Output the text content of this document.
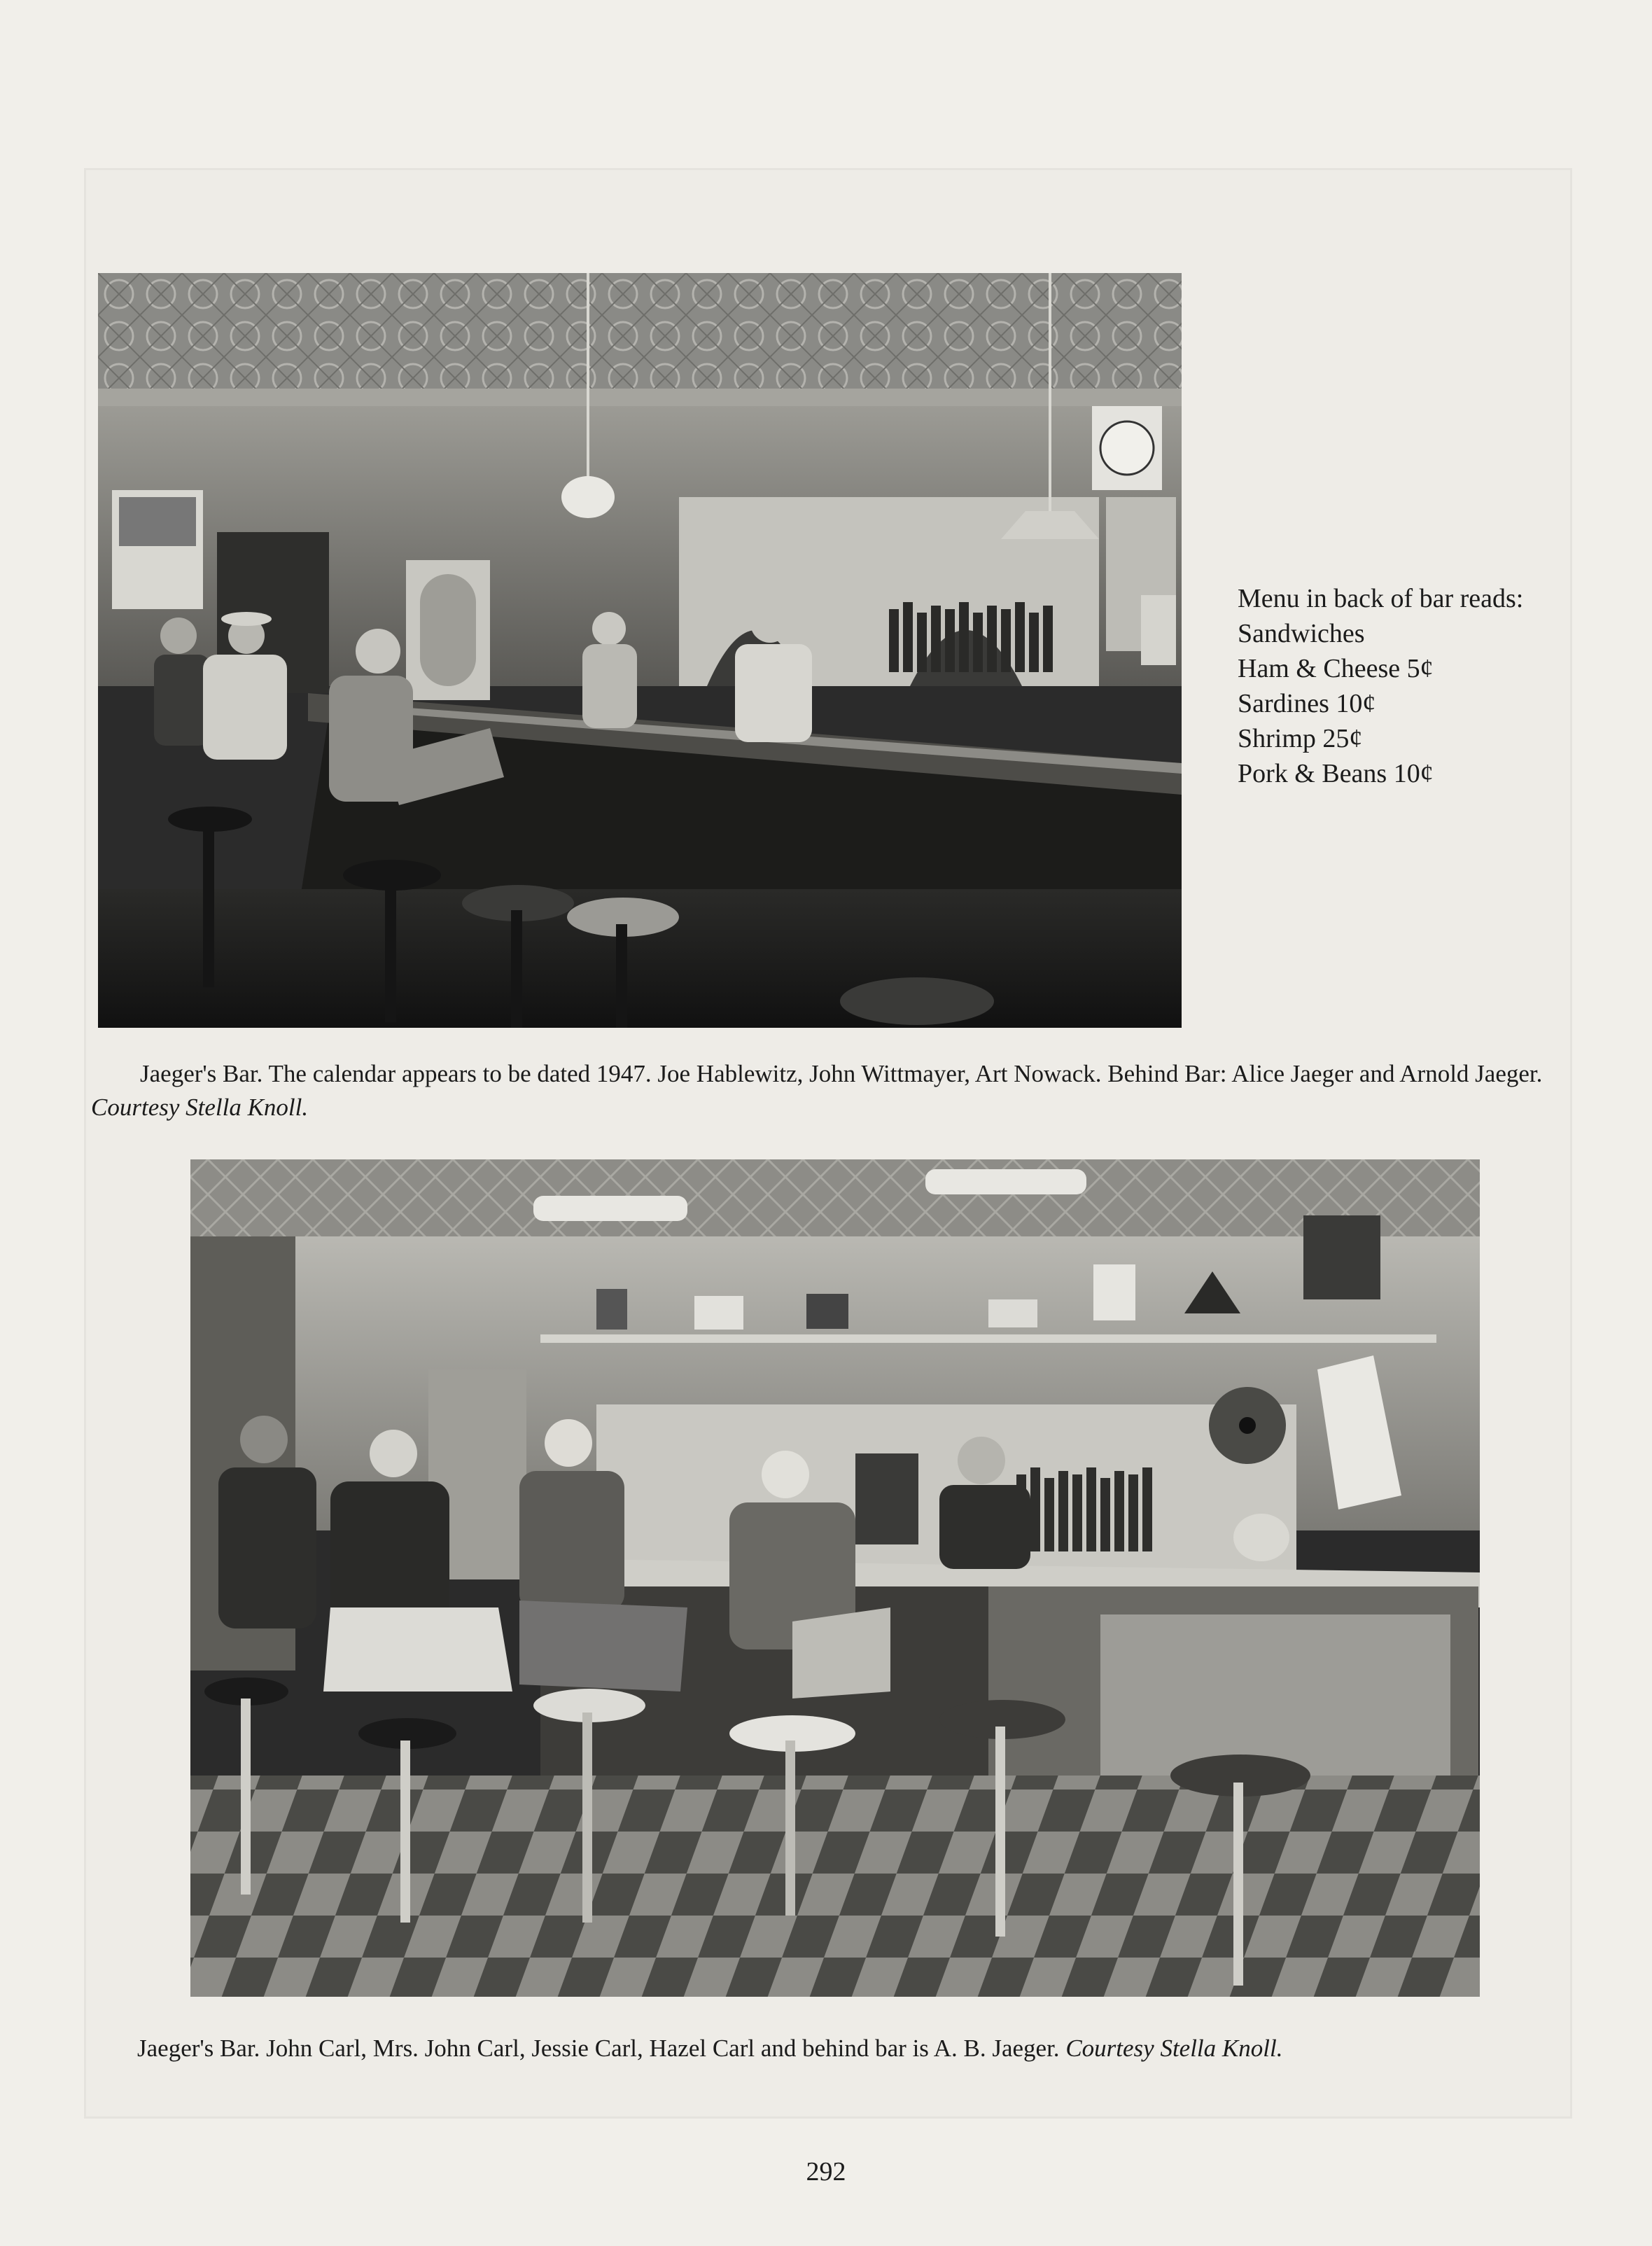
Menu in back of bar reads:
Sandwiches
Ham & Cheese 5¢
Sardines 10¢
Shrimp 25¢
Pork & Beans 10¢
Jaeger's Bar. The calendar appears to be dated 1947. Joe Hablewitz, John Wittmayer, Art Nowack. Behind Bar: Alice Jaeger and Arnold Jaeger. Courtesy Stella Knoll.
Jaeger's Bar. John Carl, Mrs. John Carl, Jessie Carl, Hazel Carl and behind bar is A. B. Jaeger. Courtesy Stella Knoll.
292
